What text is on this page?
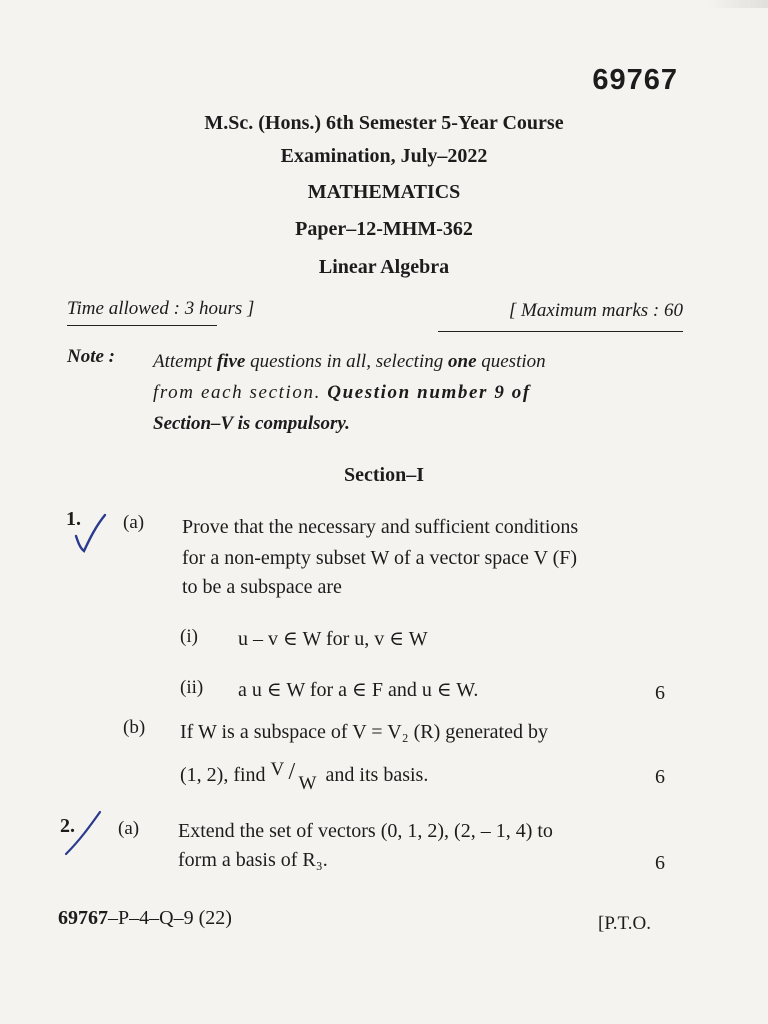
69767
M.Sc. (Hons.) 6th Semester 5-Year Course
Examination, July–2022
MATHEMATICS
Paper–12-MHM-362
Linear Algebra
Time allowed : 3 hours ]	[ Maximum marks : 60
Note : Attempt five questions in all, selecting one question
from each section. Question number 9 of
Section–V is compulsory.
Section–I
1. (a) Prove that the necessary and sufficient conditions
for a non-empty subset W of a vector space V (F)
to be a subspace are
(i) u – v ∈ W for u, v ∈ W
(ii) a u ∈ W for a ∈ F and u ∈ W.	6
(b) If W is a subspace of V = V₂ (R) generated by
(1, 2), find V / W and its basis.	6
2. (a) Extend the set of vectors (0, 1, 2), (2, – 1, 4) to
form a basis of R₃.	6
69767–P–4–Q–9 (22)	[P.T.O.
